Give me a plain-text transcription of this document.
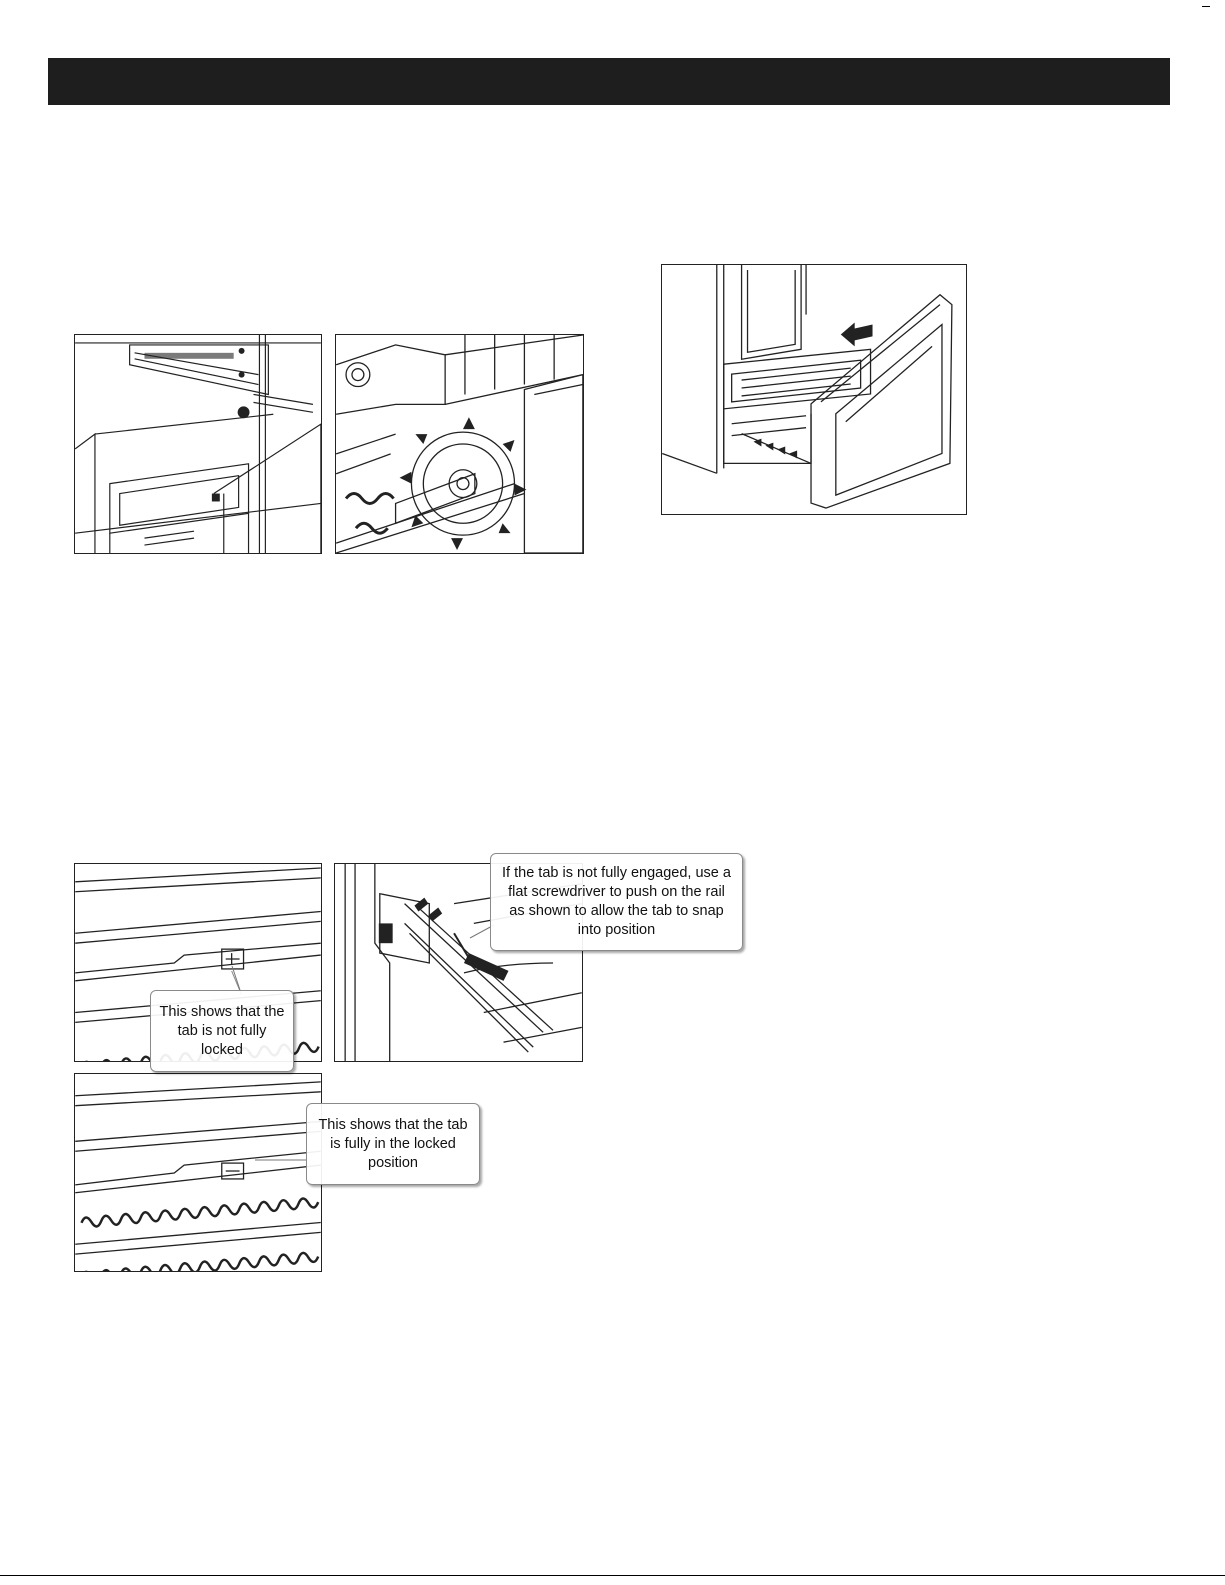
If the tab is not fully engaged, use a flat screwdriver to push on the rail as shown to allow the tab to snap into position
This shows that the tab is not fully locked
This shows that the tab is fully in the locked position
